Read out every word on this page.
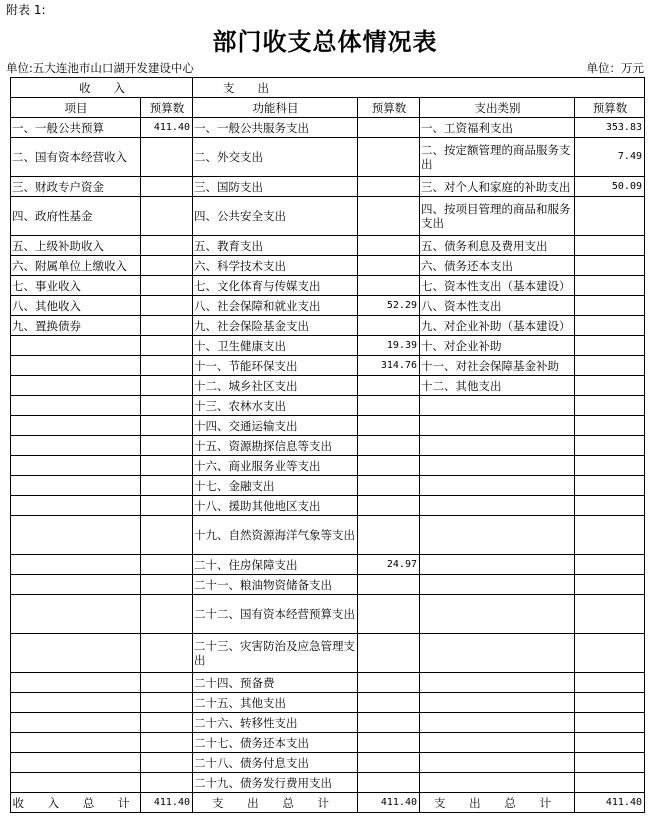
附表 1:
部门收支总体情况表
单位:五大连池市山口湖开发建设中心	单位：万元
收　　入		支　　出			
项目	预算数	功能科目	预算数	支出类别	预算数
一、一般公共预算	411.40	一、一般公共服务支出		一、工资福利支出	353.83
二、国有资本经营收入		二、外交支出		二、按定额管理的商品服务支出	7.49
三、财政专户资金		三、国防支出		三、对个人和家庭的补助支出	50.09
四、政府性基金		四、公共安全支出		四、按项目管理的商品和服务支出	
五、上级补助收入		五、教育支出		五、债务利息及费用支出	
六、附属单位上缴收入		六、科学技术支出		六、债务还本支出	
七、事业收入		七、文化体育与传媒支出		七、资本性支出（基本建设）	
八、其他收入		八、社会保障和就业支出	52.29	八、资本性支出	
九、置换债券		九、社会保险基金支出		九、对企业补助（基本建设）	
		十、卫生健康支出	19.39	十、对企业补助	
		十一、节能环保支出	314.76	十一、对社会保障基金补助	
		十二、城乡社区支出		十二、其他支出	
		十三、农林水支出			
		十四、交通运输支出			
		十五、资源勘探信息等支出			
		十六、商业服务业等支出			
		十七、金融支出			
		十八、援助其他地区支出			
		十九、自然资源海洋气象等支出			
		二十、住房保障支出	24.97		
		二十一、粮油物资储备支出			
		二十二、国有资本经营预算支出			
		二十三、灾害防治及应急管理支出			
		二十四、预备费			
		二十五、其他支出			
		二十六、转移性支出			
		二十七、债务还本支出			
		二十八、债务付息支出			
		二十九、债务发行费用支出			
收 入 总 计	411.40	支 出 总 计	411.40	支 出 总 计	411.40
